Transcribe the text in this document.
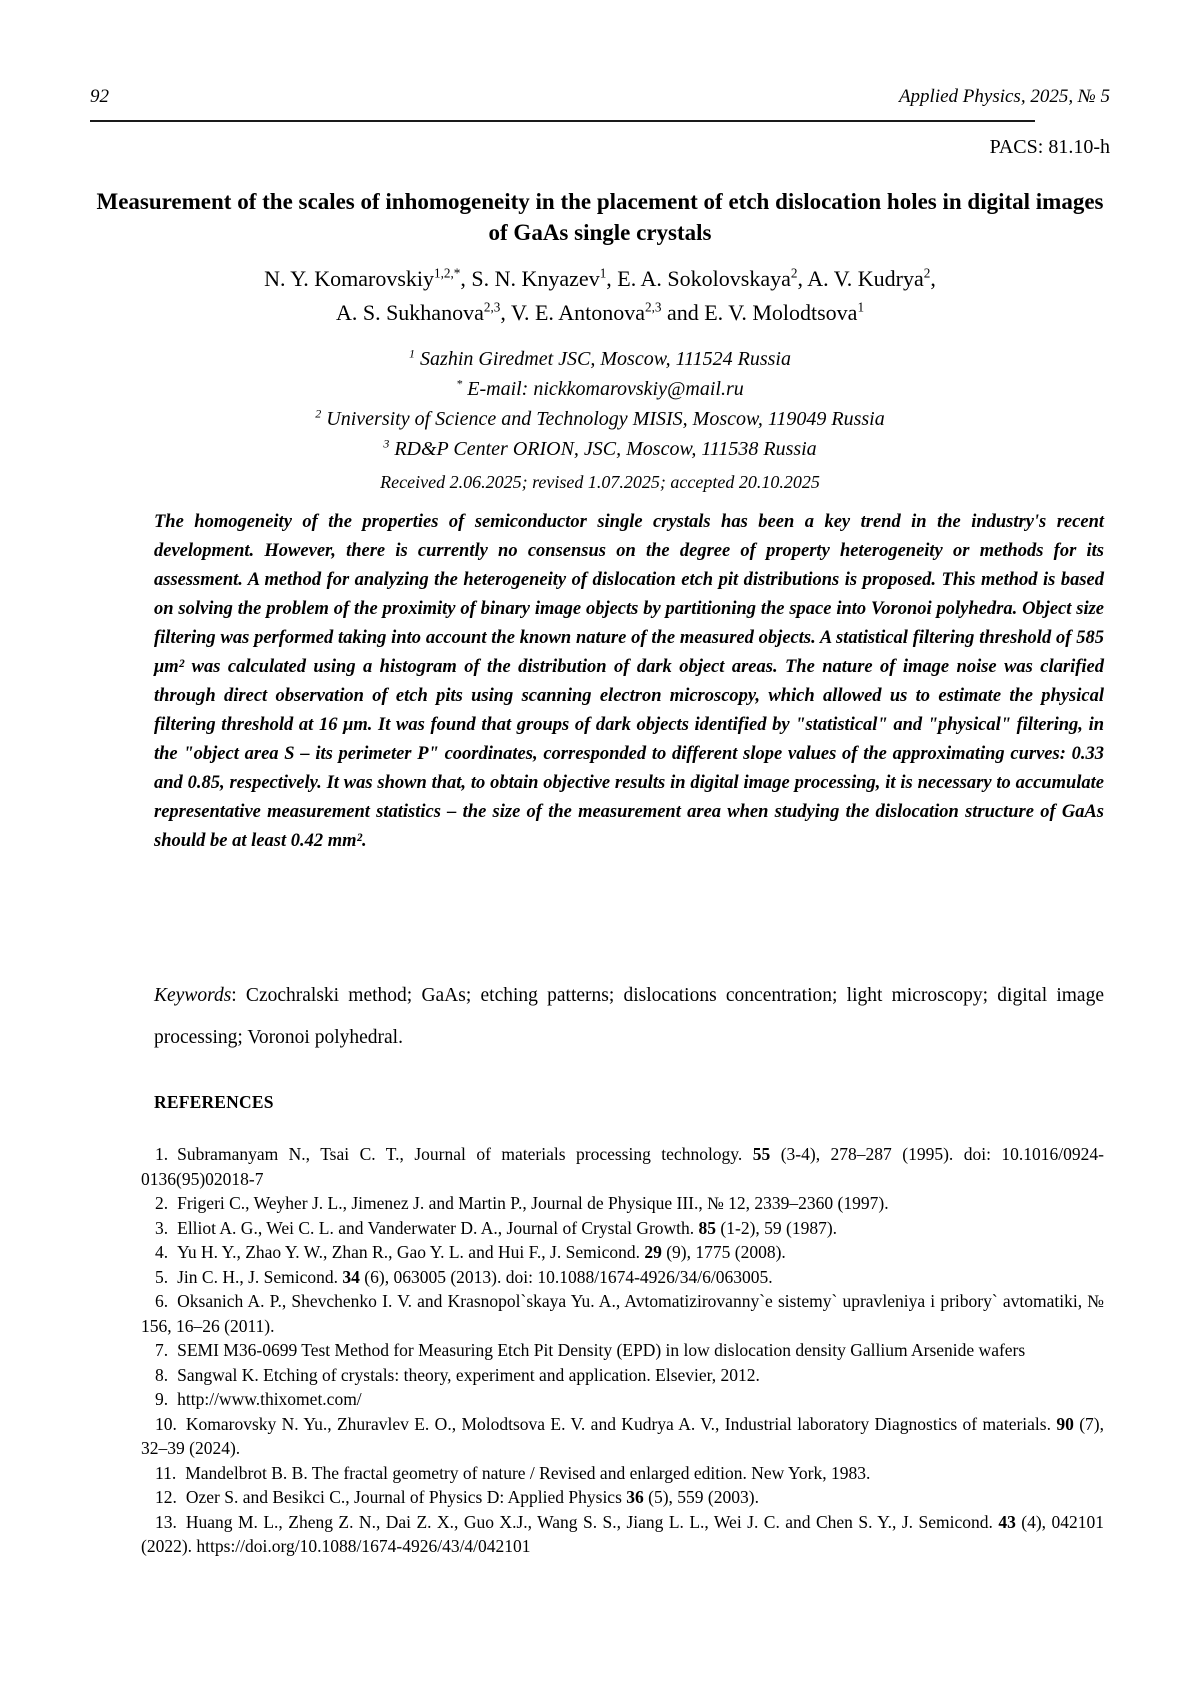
92	Applied Physics, 2025, № 5
PACS: 81.10-h
Measurement of the scales of inhomogeneity in the placement of etch dislocation holes in digital images of GaAs single crystals
N. Y. Komarovskiy$^{1,2,*}$, S. N. Knyazev$^1$, E. A. Sokolovskaya$^2$, A. V. Kudrya$^2$,
A. S. Sukhanova$^{2,3}$, V. E. Antonova$^{2,3}$ and E. V. Molodtsova$^1$
$^1$ Sazhin Giredmet JSC, Moscow, 111524 Russia
* E-mail: nickkomarovskiy@mail.ru
$^2$ University of Science and Technology MISIS, Moscow, 119049 Russia
$^3$ RD&P Center ORION, JSC, Moscow, 111538 Russia
Received 2.06.2025; revised 1.07.2025; accepted 20.10.2025

The homogeneity of the properties of semiconductor single crystals has been a key trend in the industry's recent development. However, there is currently no consensus on the degree of property heterogeneity or methods for its assessment. A method for analyzing the heterogeneity of dislocation etch pit distributions is proposed. This method is based on solving the problem of the proximity of binary image objects by partitioning the space into Voronoi polyhedra. Object size filtering was performed taking into account the known nature of the measured objects. A statistical filtering threshold of 585 μm² was calculated using a histogram of the distribution of dark object areas. The nature of image noise was clarified through direct observation of etch pits using scanning electron microscopy, which allowed us to estimate the physical filtering threshold at 16 μm. It was found that groups of dark objects identified by "statistical" and "physical" filtering, in the "object area S – its perimeter P" coordinates, corresponded to different slope values of the approximating curves: 0.33 and 0.85, respectively. It was shown that, to obtain objective results in digital image processing, it is necessary to accumulate representative measurement statistics – the size of the measurement area when studying the dislocation structure of GaAs should be at least 0.42 mm².

Keywords: Czochralski method; GaAs; etching patterns; dislocations concentration; light microscopy; digital image processing; Voronoi polyhedral.

REFERENCES

1. Subramanyam N., Tsai C. T., Journal of materials processing technology. 55 (3-4), 278–287 (1995). doi: 10.1016/0924-0136(95)02018-7

2. Frigeri C., Weyher J. L., Jimenez J. and Martin P., Journal de Physique III., № 12, 2339–2360 (1997).

3. Elliot A. G., Wei C. L. and Vanderwater D. A., Journal of Crystal Growth. 85 (1-2), 59 (1987).

4. Yu H. Y., Zhao Y. W., Zhan R., Gao Y. L. and Hui F., J. Semicond. 29 (9), 1775 (2008).

5. Jin C. H., J. Semicond. 34 (6), 063005 (2013). doi: 10.1088/1674-4926/34/6/063005.

6. Oksanich A. P., Shevchenko I. V. and Krasnopol`skaya Yu. A., Avtomatizirovanny`e sistemy` upravleniya i pribory` avtomatiki, № 156, 16–26 (2011).

7. SEMI M36-0699 Test Method for Measuring Etch Pit Density (EPD) in low dislocation density Gallium Arsenide wafers

8. Sangwal K. Etching of crystals: theory, experiment and application. Elsevier, 2012.

9. http://www.thixomet.com/

10. Komarovsky N. Yu., Zhuravlev E. O., Molodtsova E. V. and Kudrya A. V., Industrial laboratory Diagnostics of materials. 90 (7), 32–39 (2024).

11. Mandelbrot B. B. The fractal geometry of nature / Revised and enlarged edition. New York, 1983.

12. Ozer S. and Besikci C., Journal of Physics D: Applied Physics 36 (5), 559 (2003).

13. Huang M. L., Zheng Z. N., Dai Z. X., Guo X.J., Wang S. S., Jiang L. L., Wei J. C. and Chen S. Y., J. Semicond. 43 (4), 042101 (2022). https://doi.org/10.1088/1674-4926/43/4/042101
